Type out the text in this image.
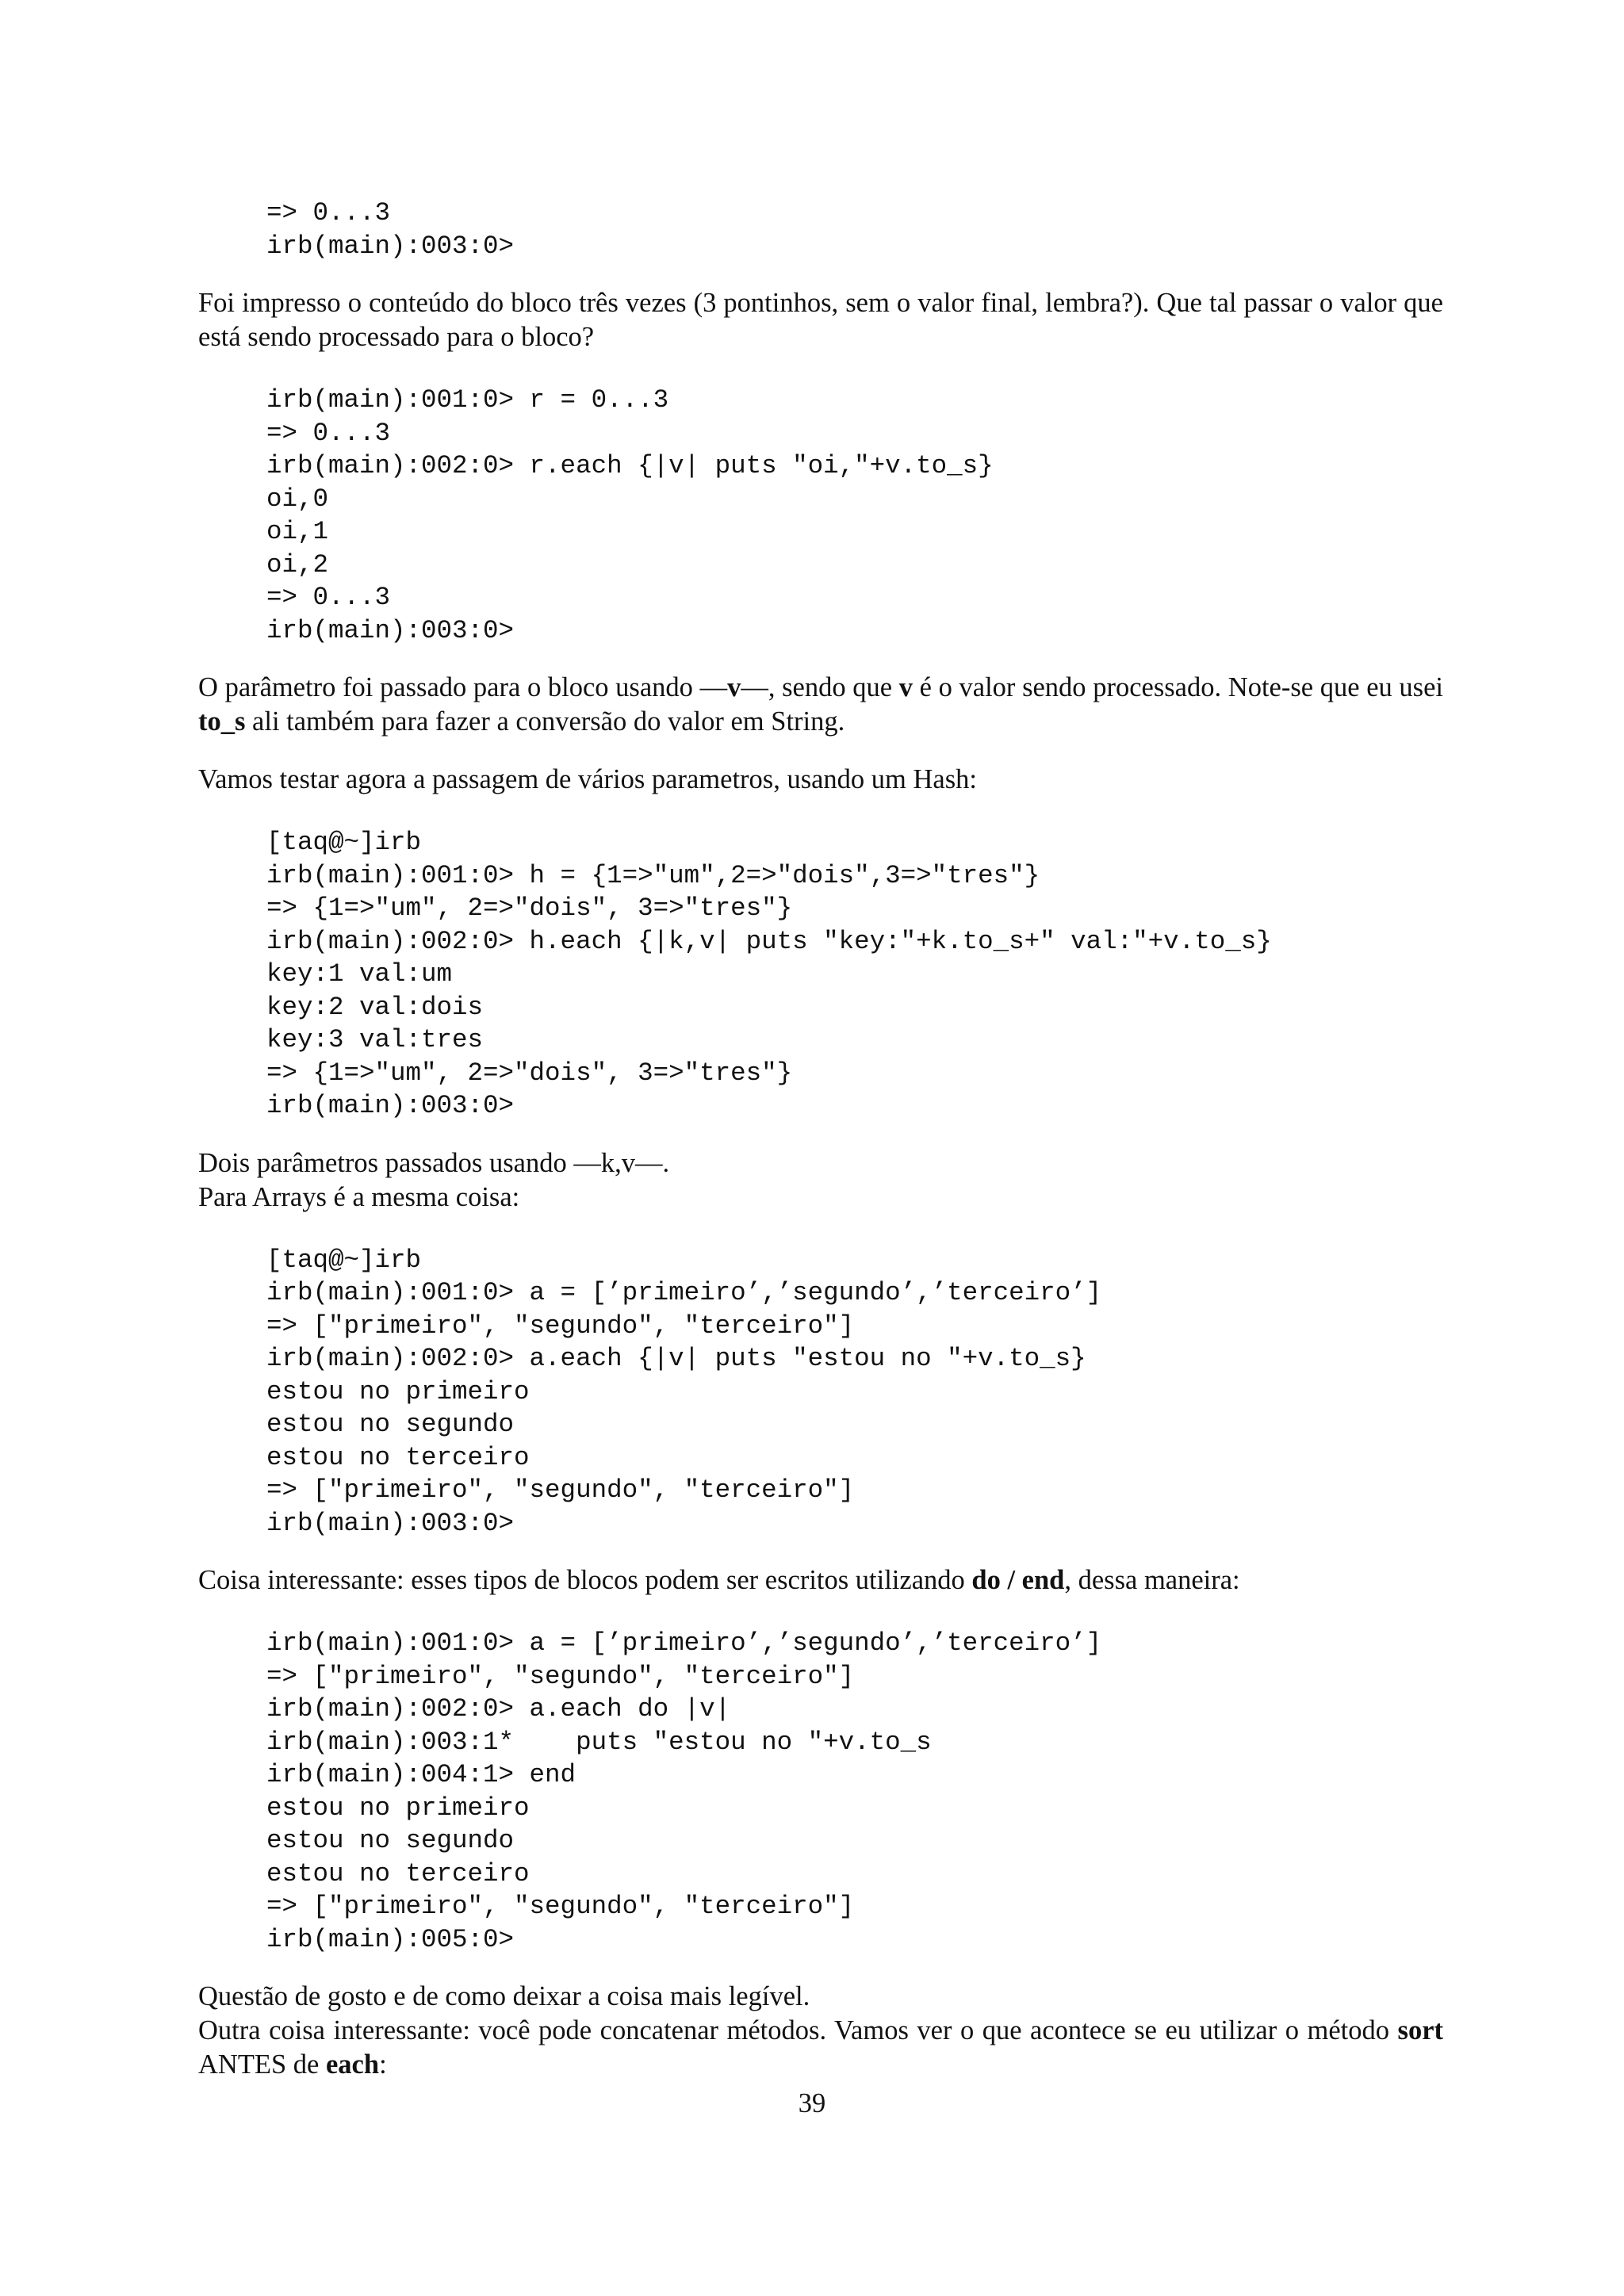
=> 0...3
irb(main):003:0>

Foi impresso o conteúdo do bloco três vezes (3 pontinhos, sem o valor final, lembra?). Que tal passar o valor que está sendo processado para o bloco?

irb(main):001:0> r = 0...3
=> 0...3
irb(main):002:0> r.each {|v| puts "oi,"+v.to_s}
oi,0
oi,1
oi,2
=> 0...3
irb(main):003:0>

O parâmetro foi passado para o bloco usando —v—, sendo que v é o valor sendo processado. Note-se que eu usei to_s ali também para fazer a conversão do valor em String.

Vamos testar agora a passagem de vários parametros, usando um Hash:

[taq@~]irb
irb(main):001:0> h = {1=>"um",2=>"dois",3=>"tres"}
=> {1=>"um", 2=>"dois", 3=>"tres"}
irb(main):002:0> h.each {|k,v| puts "key:"+k.to_s+" val:"+v.to_s}
key:1 val:um
key:2 val:dois
key:3 val:tres
=> {1=>"um", 2=>"dois", 3=>"tres"}
irb(main):003:0>

Dois parâmetros passados usando —k,v—.
Para Arrays é a mesma coisa:

[taq@~]irb
irb(main):001:0> a = [’primeiro’,’segundo’,’terceiro’]
=> ["primeiro", "segundo", "terceiro"]
irb(main):002:0> a.each {|v| puts "estou no "+v.to_s}
estou no primeiro
estou no segundo
estou no terceiro
=> ["primeiro", "segundo", "terceiro"]
irb(main):003:0>

Coisa interessante: esses tipos de blocos podem ser escritos utilizando do / end, dessa maneira:

irb(main):001:0> a = [’primeiro’,’segundo’,’terceiro’]
=> ["primeiro", "segundo", "terceiro"]
irb(main):002:0> a.each do |v|
irb(main):003:1*    puts "estou no "+v.to_s
irb(main):004:1> end
estou no primeiro
estou no segundo
estou no terceiro
=> ["primeiro", "segundo", "terceiro"]
irb(main):005:0>

Questão de gosto e de como deixar a coisa mais legível.
Outra coisa interessante: você pode concatenar métodos. Vamos ver o que acontece se eu utilizar o método sort ANTES de each:

39
